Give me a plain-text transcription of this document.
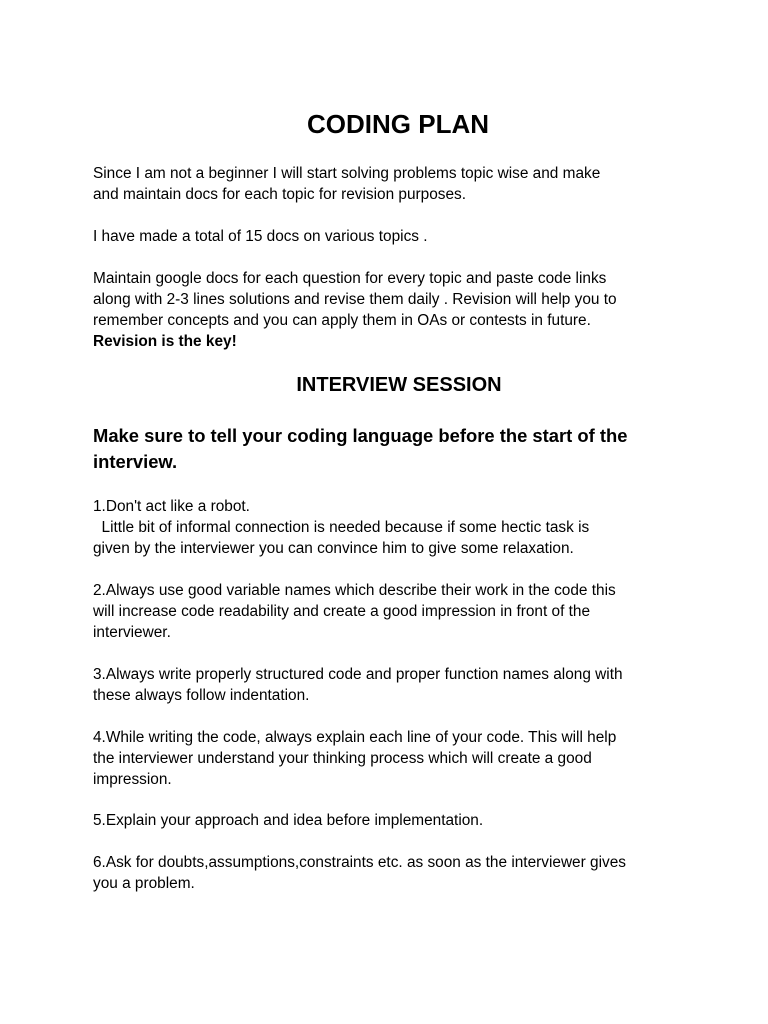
CODING PLAN
Since I am not a beginner I will start solving problems topic wise and make
and maintain docs for each topic for revision purposes.
I have made a total of 15 docs on various topics .
Maintain google docs for each question for every topic and paste code links
along with 2-3 lines solutions and revise them daily . Revision will help you to
remember concepts and you can apply them in OAs or contests in future.
Revision is the key!
INTERVIEW SESSION
Make sure to tell your coding language before the start of the
interview.
1.Don't act like a robot.
Little bit of informal connection is needed because if some hectic task is
given by the interviewer you can convince him to give some relaxation.
2.Always use good variable names which describe their work in the code this
will increase code readability and create a good impression in front of the
interviewer.
3.Always write properly structured code and proper function names along with
these always follow indentation.
4.While writing the code, always explain each line of your code. This will help
the interviewer understand your thinking process which will create a good
impression.
5.Explain your approach and idea before implementation.
6.Ask for doubts,assumptions,constraints etc. as soon as the interviewer gives
you a problem.
